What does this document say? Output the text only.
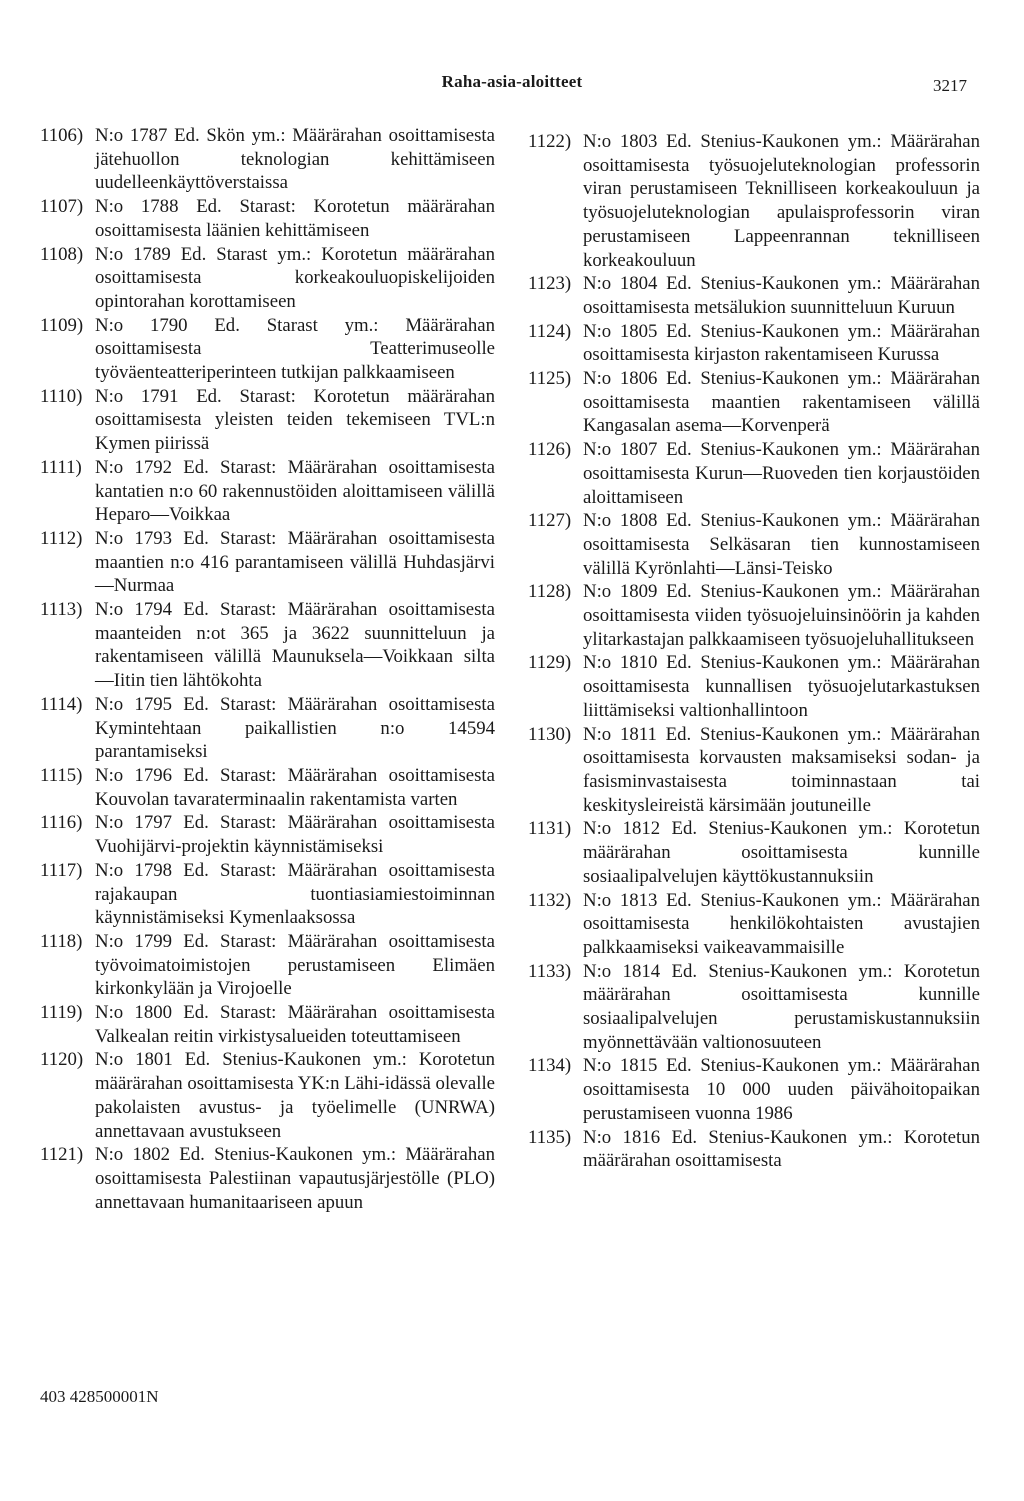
Raha-asia-aloitteet	3217

1106) N:o 1787 Ed. Skön ym.: Määrärahan osoittamisesta jätehuollon teknologian kehittämiseen uudelleenkäyttöverstaissa

1107) N:o 1788 Ed. Starast: Korotetun määrärahan osoittamisesta läänien kehittämiseen

1108) N:o 1789 Ed. Starast ym.: Korotetun määrärahan osoittamisesta korkeakouluopiskelijoiden opintorahan korottamiseen

1109) N:o 1790 Ed. Starast ym.: Määrärahan osoittamisesta Teatterimuseolle työväenteatteriperinteen tutkijan palkkaamiseen

1110) N:o 1791 Ed. Starast: Korotetun määrärahan osoittamisesta yleisten teiden tekemiseen TVL:n Kymen piirissä

1111) N:o 1792 Ed. Starast: Määrärahan osoittamisesta kantatien n:o 60 rakennustöiden aloittamiseen välillä Heparo—Voikkaa

1112) N:o 1793 Ed. Starast: Määrärahan osoittamisesta maantien n:o 416 parantamiseen välillä Huhdasjärvi—Nurmaa

1113) N:o 1794 Ed. Starast: Määrärahan osoittamisesta maanteiden n:ot 365 ja 3622 suunnitteluun ja rakentamiseen välillä Maunuksela—Voikkaan silta—Iitin tien lähtökohta

1114) N:o 1795 Ed. Starast: Määrärahan osoittamisesta Kymintehtaan paikallistien n:o 14594 parantamiseksi

1115) N:o 1796 Ed. Starast: Määrärahan osoittamisesta Kouvolan tavaraterminaalin rakentamista varten

1116) N:o 1797 Ed. Starast: Määrärahan osoittamisesta Vuohijärvi-projektin käynnistämiseksi

1117) N:o 1798 Ed. Starast: Määrärahan osoittamisesta rajakaupan tuontiasiamiestoiminnan käynnistämiseksi Kymenlaaksossa

1118) N:o 1799 Ed. Starast: Määrärahan osoittamisesta työvoimatoimistojen perustamiseen Elimäen kirkonkylään ja Virojoelle

1119) N:o 1800 Ed. Starast: Määrärahan osoittamisesta Valkealan reitin virkistysalueiden toteuttamiseen

1120) N:o 1801 Ed. Stenius-Kaukonen ym.: Korotetun määrärahan osoittamisesta YK:n Lähi-idässä olevalle pakolaisten avustus- ja työelimelle (UNRWA) annettavaan avustukseen

1121) N:o 1802 Ed. Stenius-Kaukonen ym.: Määrärahan osoittamisesta Palestiinan vapautusjärjestölle (PLO) annettavaan humanitaariseen apuun

1122) N:o 1803 Ed. Stenius-Kaukonen ym.: Määrärahan osoittamisesta työsuojeluteknologian professorin viran perustamiseen Teknilliseen korkeakouluun ja työsuojeluteknologian apulaisprofessorin viran perustamiseen Lappeenrannan teknilliseen korkeakouluun

1123) N:o 1804 Ed. Stenius-Kaukonen ym.: Määrärahan osoittamisesta metsälukion suunnitteluun Kuruun

1124) N:o 1805 Ed. Stenius-Kaukonen ym.: Määrärahan osoittamisesta kirjaston rakentamiseen Kurussa

1125) N:o 1806 Ed. Stenius-Kaukonen ym.: Määrärahan osoittamisesta maantien rakentamiseen välillä Kangasalan asema—Korvenperä

1126) N:o 1807 Ed. Stenius-Kaukonen ym.: Määrärahan osoittamisesta Kurun—Ruoveden tien korjaustöiden aloittamiseen

1127) N:o 1808 Ed. Stenius-Kaukonen ym.: Määrärahan osoittamisesta Selkäsaran tien kunnostamiseen välillä Kyrönlahti—Länsi-Teisko

1128) N:o 1809 Ed. Stenius-Kaukonen ym.: Määrärahan osoittamisesta viiden työsuojeluinsinöörin ja kahden ylitarkastajan palkkaamiseen työsuojeluhallitukseen

1129) N:o 1810 Ed. Stenius-Kaukonen ym.: Määrärahan osoittamisesta kunnallisen työsuojelutarkastuksen liittämiseksi valtionhallintoon

1130) N:o 1811 Ed. Stenius-Kaukonen ym.: Määrärahan osoittamisesta korvausten maksamiseksi sodan- ja fasisminvastaisesta toiminnastaan tai keskitysleireistä kärsimään joutuneille

1131) N:o 1812 Ed. Stenius-Kaukonen ym.: Korotetun määrärahan osoittamisesta kunnille sosiaalipalvelujen käyttökustannuksiin

1132) N:o 1813 Ed. Stenius-Kaukonen ym.: Määrärahan osoittamisesta henkilökohtaisten avustajien palkkaamiseksi vaikeavammaisille

1133) N:o 1814 Ed. Stenius-Kaukonen ym.: Korotetun määrärahan osoittamisesta kunnille sosiaalipalvelujen perustamiskustannuksiin myönnettävään valtionosuuteen

1134) N:o 1815 Ed. Stenius-Kaukonen ym.: Määrärahan osoittamisesta 10 000 uuden päivähoitopaikan perustamiseen vuonna 1986

1135) N:o 1816 Ed. Stenius-Kaukonen ym.: Korotetun määrärahan osoittamisesta

403 428500001N
